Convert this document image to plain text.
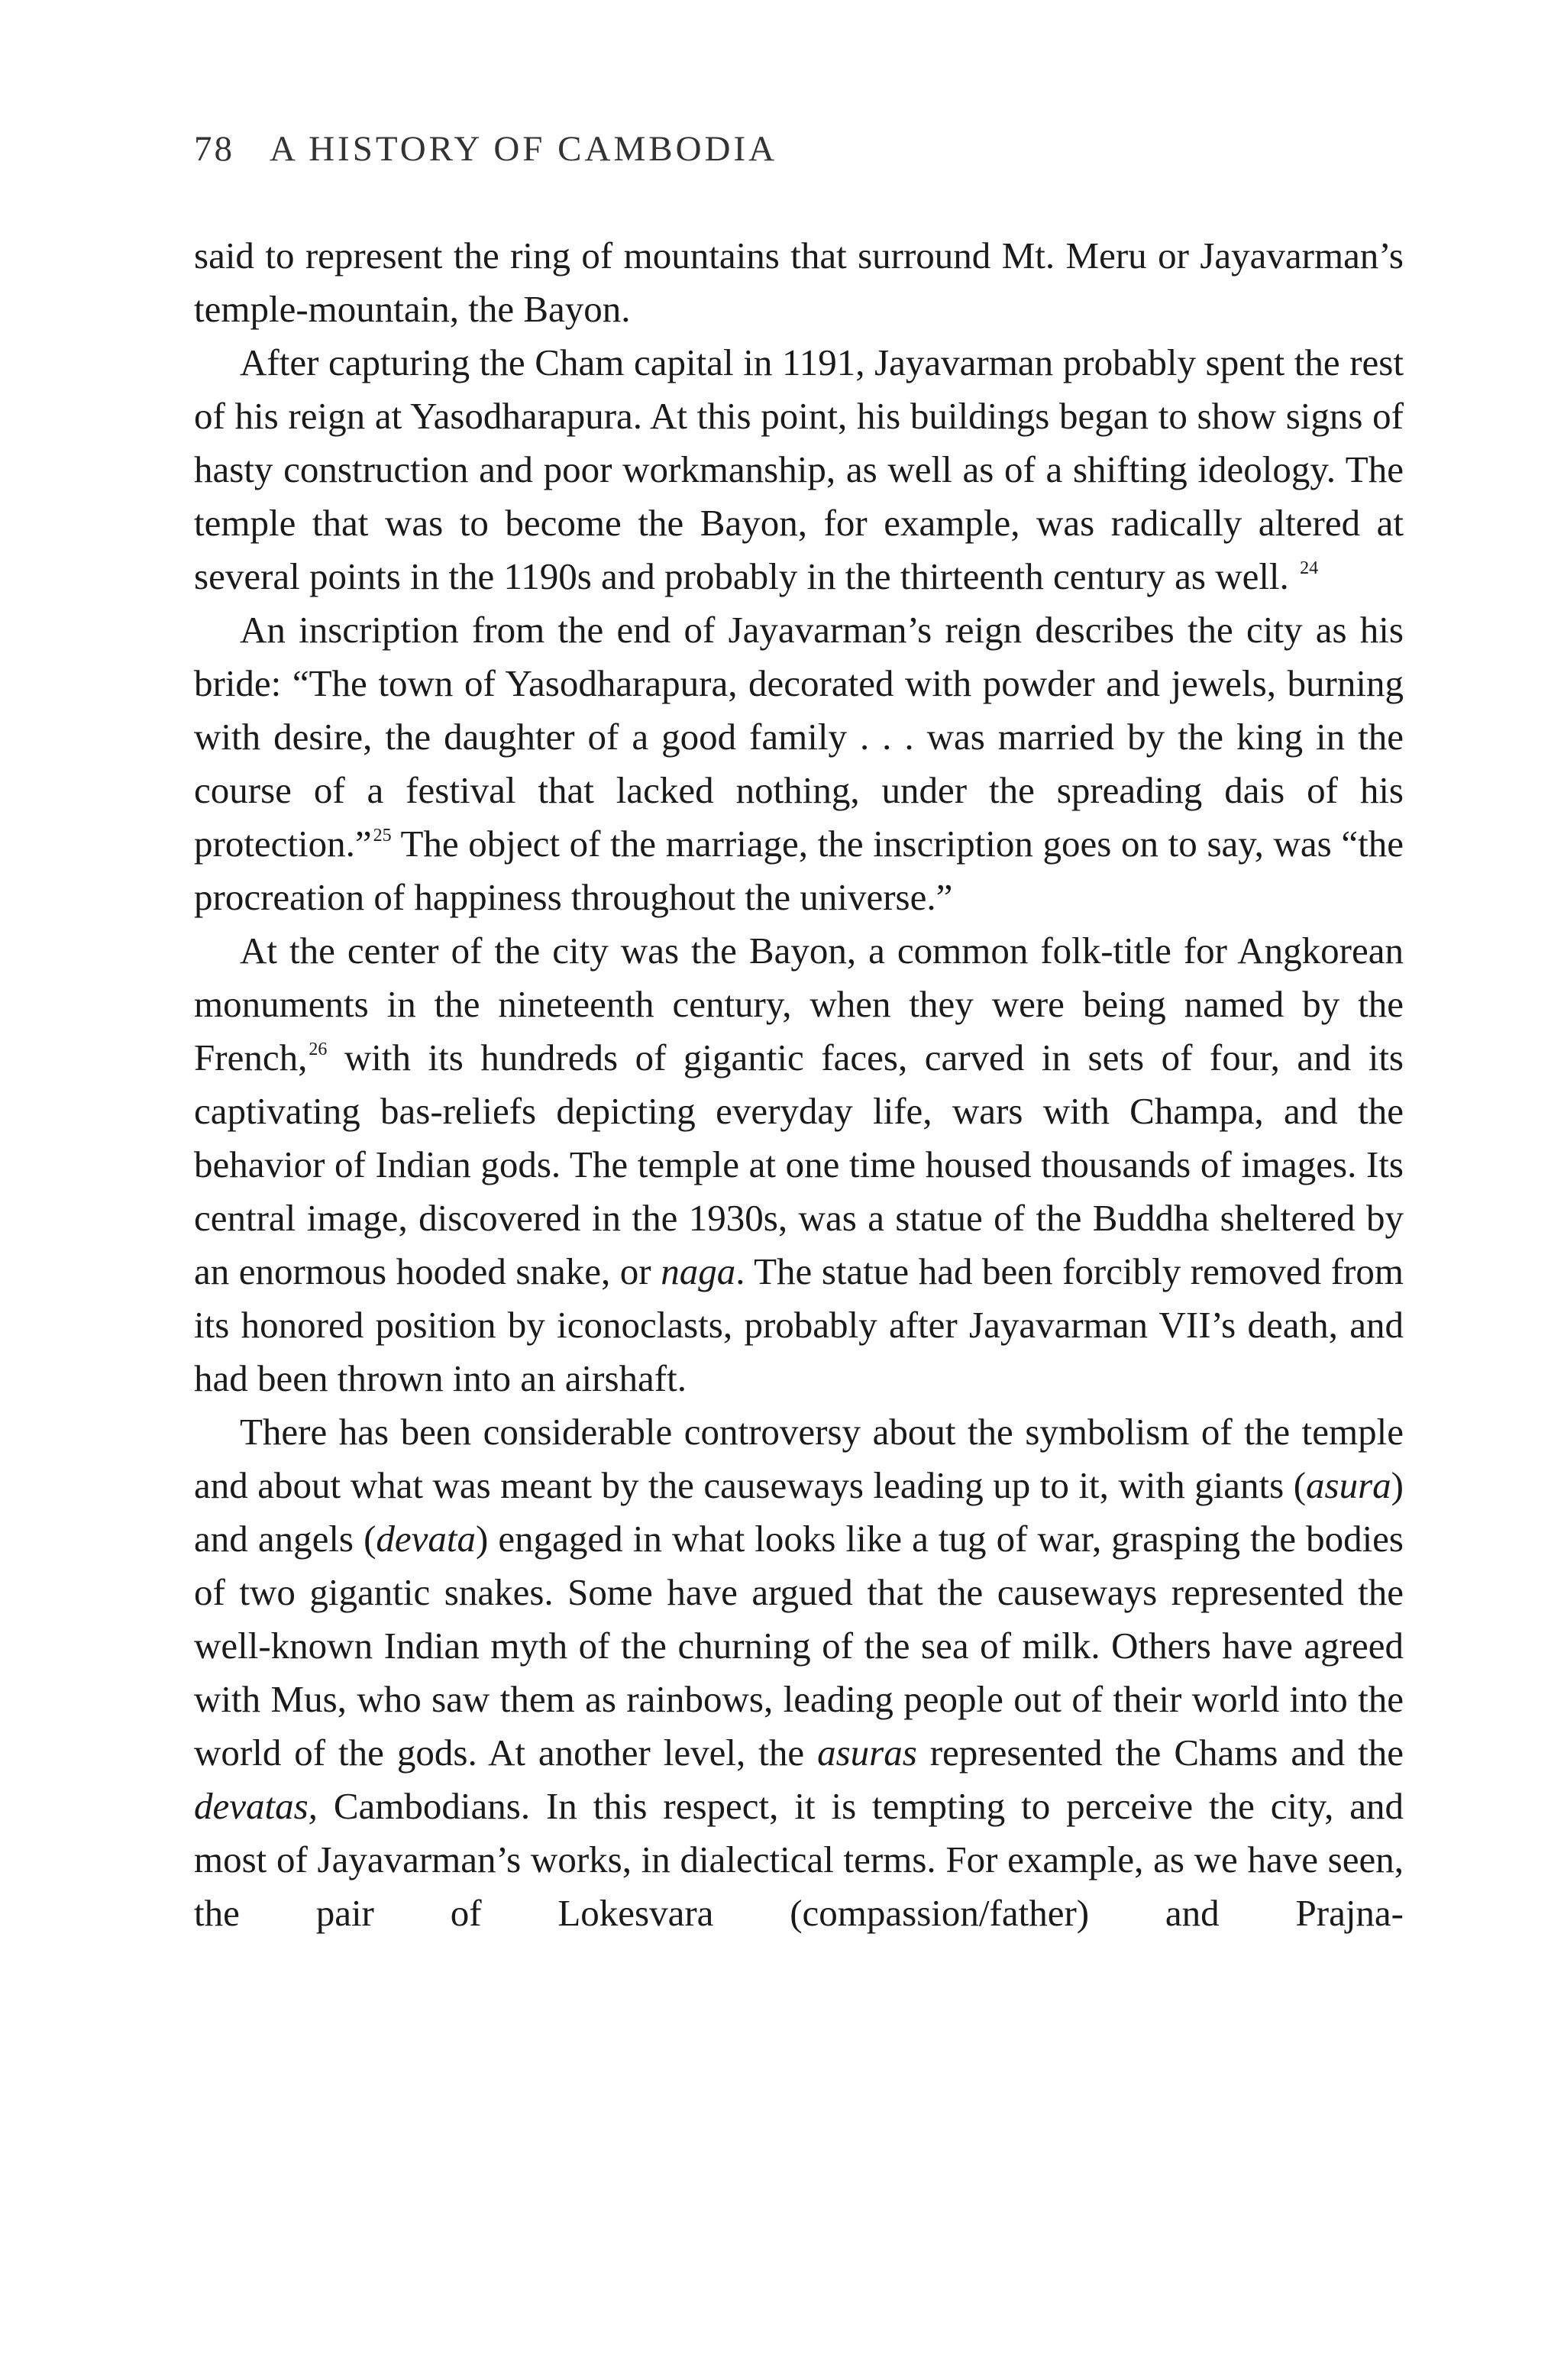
78 A HISTORY OF CAMBODIA

said to represent the ring of mountains that surround Mt. Meru or Jayavarman’s temple-mountain, the Bayon.

After capturing the Cham capital in 1191, Jayavarman probably spent the rest of his reign at Yasodharapura. At this point, his buildings began to show signs of hasty construction and poor workmanship, as well as of a shifting ideology. The temple that was to become the Bayon, for example, was radically altered at several points in the 1190s and probably in the thirteenth century as well. $^{24}$

An inscription from the end of Jayavarman’s reign describes the city as his bride: “The town of Yasodharapura, decorated with powder and jewels, burning with desire, the daughter of a good family . . . was married by the king in the course of a festival that lacked nothing, under the spreading dais of his protection.”$^{25}$ The object of the marriage, the inscription goes on to say, was “the procreation of happiness throughout the universe.”

At the center of the city was the Bayon, a common folk-title for Angkorean monuments in the nineteenth century, when they were being named by the French,$^{26}$ with its hundreds of gigantic faces, carved in sets of four, and its captivating bas-reliefs depicting everyday life, wars with Champa, and the behavior of Indian gods. The temple at one time housed thousands of images. Its central image, discovered in the 1930s, was a statue of the Buddha sheltered by an enormous hooded snake, or naga. The statue had been forcibly removed from its honored position by iconoclasts, probably after Jayavarman VII’s death, and had been thrown into an airshaft.

There has been considerable controversy about the symbolism of the temple and about what was meant by the causeways leading up to it, with giants (asura) and angels (devata) engaged in what looks like a tug of war, grasping the bodies of two gigantic snakes. Some have argued that the causeways represented the well-known Indian myth of the churning of the sea of milk. Others have agreed with Mus, who saw them as rainbows, leading people out of their world into the world of the gods. At another level, the asuras represented the Chams and the devatas, Cambodians. In this respect, it is tempting to perceive the city, and most of Jayavarman’s works, in dialectical terms. For example, as we have seen, the pair of Lokesvara (compassion/father) and Prajna-
